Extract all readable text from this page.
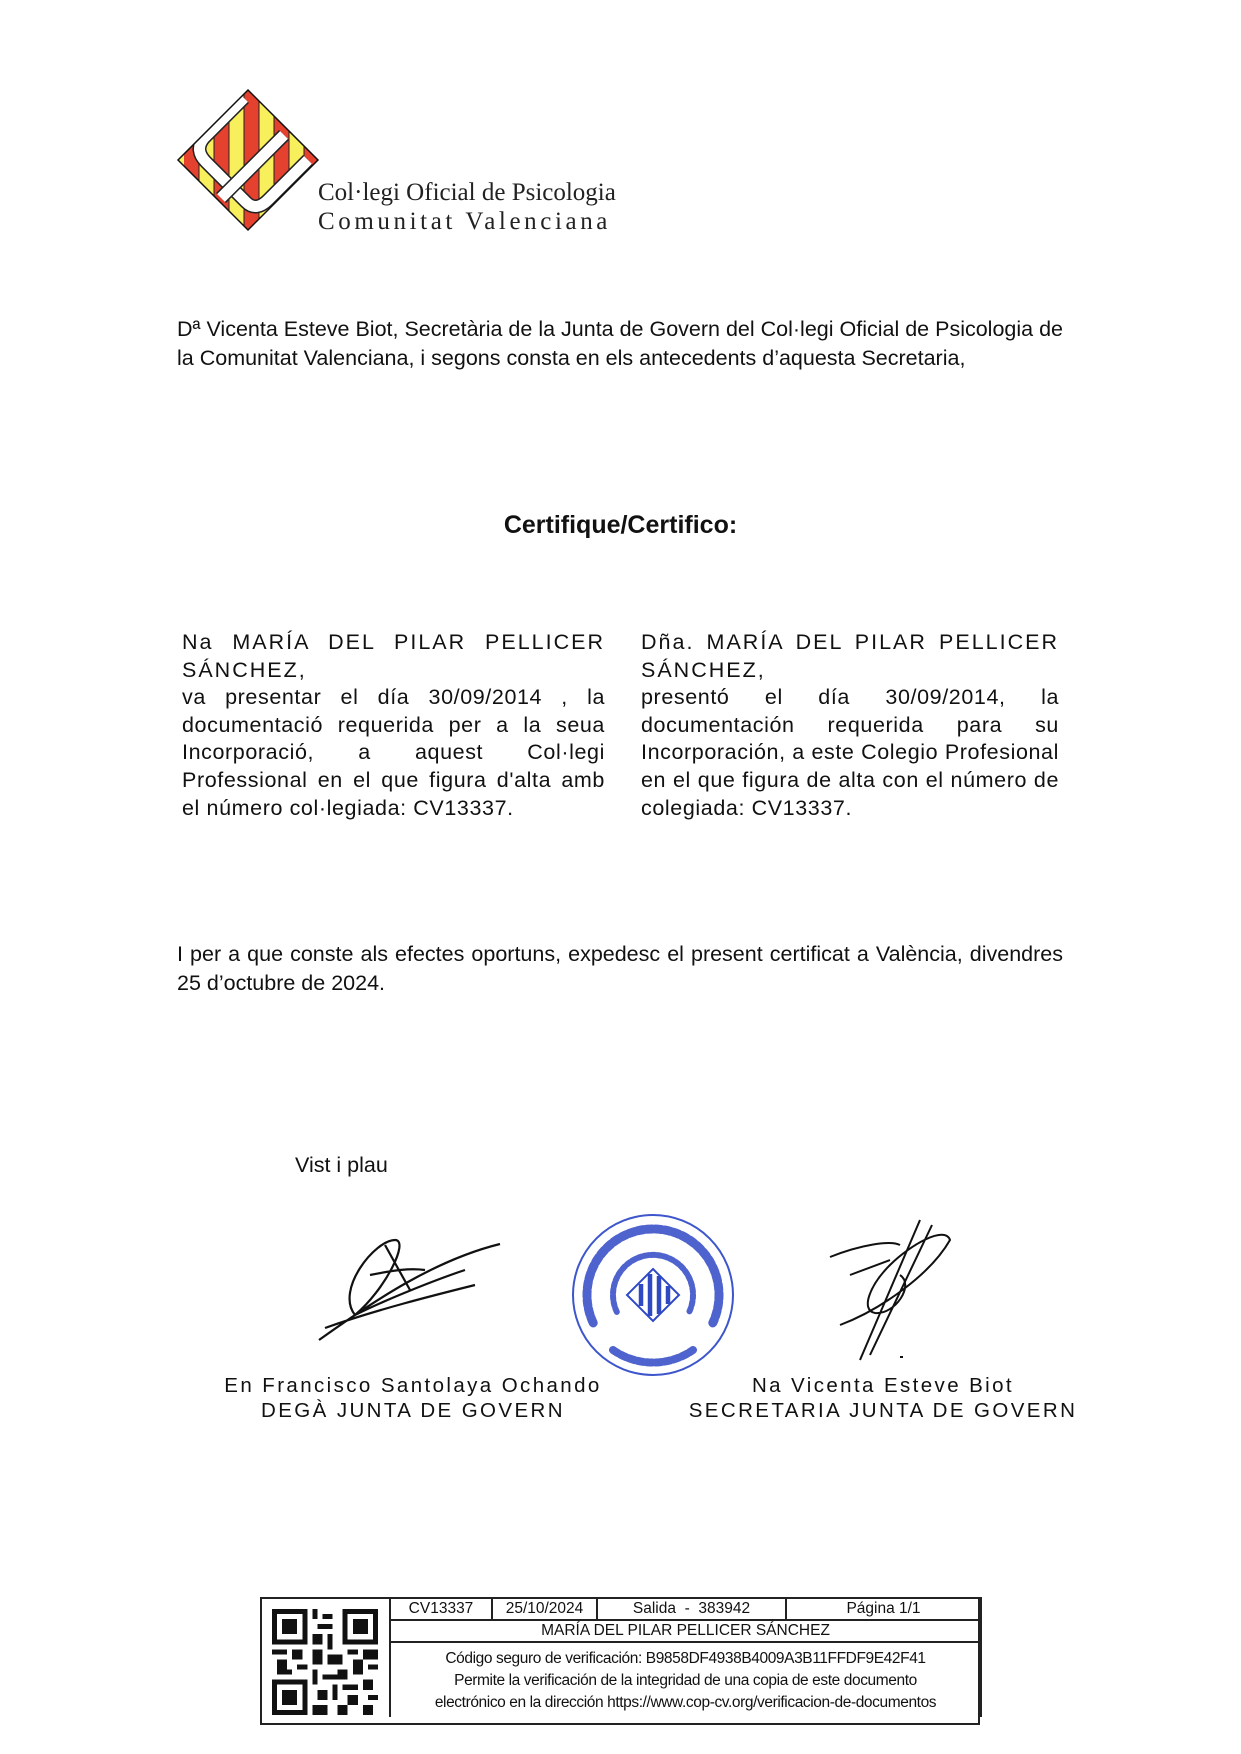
Col·legi Oficial de Psicologia
Comunitat Valenciana
Dª Vicenta Esteve Biot, Secretària de la Junta de Govern del Col·legi Oficial de Psicologia de la Comunitat Valenciana, i segons consta en els antecedents d’aquesta Secretaria,
Certifique/Certifico:
Na MARÍA DEL PILAR PELLICER SÁNCHEZ,
va presentar el día 30/09/2014 , la documentació requerida per a la seua Incorporació, a aquest Col·legi Professional en el que figura d'alta amb el número col·legiada: CV13337.
Dña. MARÍA DEL PILAR PELLICER SÁNCHEZ,
presentó el día 30/09/2014, la documentación requerida para su Incorporación, a este Colegio Profesional en el que figura de alta con el número de colegiada: CV13337.
I per a que conste als efectes oportuns, expedesc el present certificat a València, divendres 25 d’octubre de 2024.
Vist i plau
En Francisco Santolaya Ochando
DEGÀ JUNTA DE GOVERN
Na Vicenta Esteve Biot
SECRETARIA JUNTA DE GOVERN
CV13337	25/10/2024	Salida  -  383942	Página 1/1
MARÍA DEL PILAR PELLICER SÁNCHEZ

Código seguro de verificación: B9858DF4938B4009A3B11FFDF9E42F41
Permite la verificación de la integridad de una copia de este documento
electrónico en la dirección https://www.cop-cv.org/verificacion-de-documentos
